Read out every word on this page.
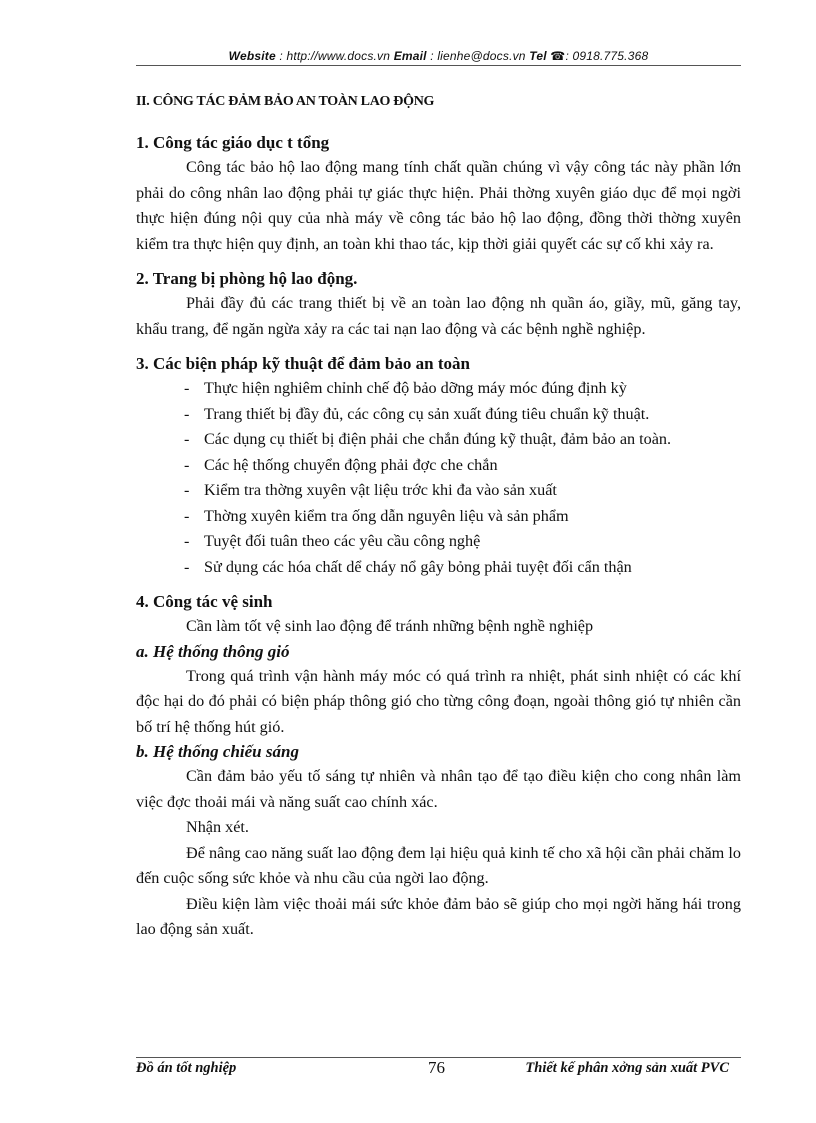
Website : http://www.docs.vn Email : lienhe@docs.vn Tel ☎: 0918.775.368
II. CÔNG TÁC ĐẢM BẢO AN TOÀN LAO ĐỘNG
1. Công tác giáo dục t tổng

Công tác bảo hộ lao động mang tính chất quần chúng vì vậy công tác này phần lớn phải do công nhân lao động phải tự giác thực hiện. Phải thờng xuyên giáo dục để mọi ngời thực hiện đúng nội quy của nhà máy về công tác bảo hộ lao động, đồng thời thờng xuyên kiểm tra thực hiện quy định, an toàn khi thao tác, kịp thời giải quyết các sự cố khi xảy ra.

2. Trang bị phòng hộ lao động.

Phải đầy đủ các trang thiết bị về an toàn lao động nh quần áo, giầy, mũ, găng tay, khẩu trang, để ngăn ngừa xảy ra các tai nạn lao động và các bệnh nghề nghiệp.

3. Các biện pháp kỹ thuật để đảm bảo an toàn
- Thực hiện nghiêm chỉnh chế độ bảo dỡng máy móc đúng định kỳ
- Trang thiết bị đầy đủ, các công cụ sản xuất đúng tiêu chuẩn kỹ thuật.
- Các dụng cụ thiết bị điện phải che chắn đúng kỹ thuật, đảm bảo an toàn.
- Các hệ thống chuyển động phải đợc che chắn
- Kiểm tra thờng xuyên vật liệu trớc khi đa vào sản xuất
- Thờng xuyên kiểm tra ống dẫn nguyên liệu và sản phẩm
- Tuyệt đối tuân theo các yêu cầu công nghệ
- Sử dụng các hóa chất dể cháy nổ gây bỏng phải tuyệt đối cẩn thận
4. Công tác vệ sinh

Cần làm tốt vệ sinh lao động để tránh những bệnh nghề nghiệp

a. Hệ thống thông gió

Trong quá trình vận hành máy móc có quá trình ra nhiệt, phát sinh nhiệt có các khí độc hại do đó phải có biện pháp thông gió cho từng công đoạn, ngoài thông gió tự nhiên cần bố trí hệ thống hút gió.

b. Hệ thống chiếu sáng

Cần đảm bảo yếu tố sáng tự nhiên và nhân tạo để tạo điều kiện cho cong nhân làm việc đợc thoải mái và năng suất cao chính xác.

Nhận xét.

Để nâng cao năng suất lao động đem lại hiệu quả kinh tế cho xã hội cần phải chăm lo đến cuộc sống sức khỏe và nhu cầu của ngời lao động.

Điều kiện làm việc thoải mái sức khỏe đảm bảo sẽ giúp cho mọi ngời hăng hái trong lao động sản xuất.

Đồ án tốt nghiệp	76	Thiết kế phân xởng sản xuất PVC
